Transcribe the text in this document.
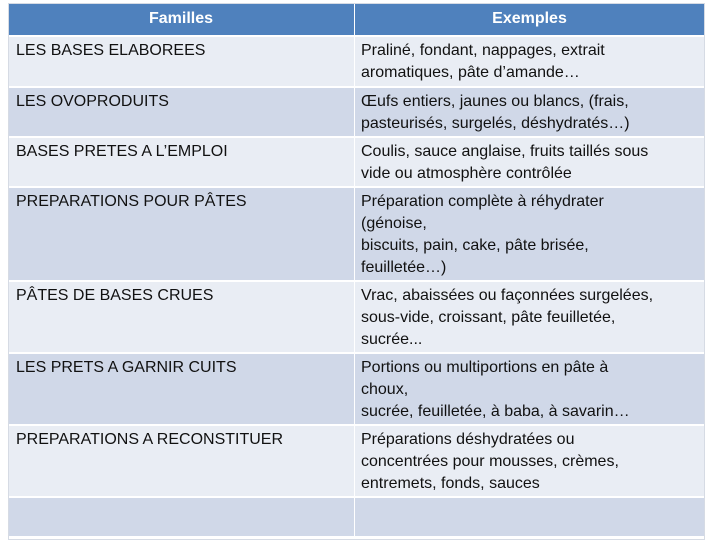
Familles	Exemples
LES BASES ELABOREES	Praliné, fondant, nappages, extrait
aromatiques, pâte d’amande…
LES OVOPRODUITS	Œufs entiers, jaunes ou blancs, (frais,
pasteurisés, surgelés, déshydratés…)
BASES PRETES A L’EMPLOI	Coulis, sauce anglaise, fruits taillés sous
vide ou atmosphère contrôlée
PREPARATIONS POUR PÂTES	Préparation complète à réhydrater
(génoise,
biscuits, pain, cake, pâte brisée,
feuilletée…)
PÂTES DE BASES CRUES	Vrac, abaissées ou façonnées surgelées,
sous-vide, croissant, pâte feuilletée,
sucrée...
LES PRETS A GARNIR CUITS	Portions ou multiportions en pâte à
choux,
sucrée, feuilletée, à baba, à savarin…
PREPARATIONS A RECONSTITUER	Préparations déshydratées ou
concentrées pour mousses, crèmes,
entremets, fonds, sauces
